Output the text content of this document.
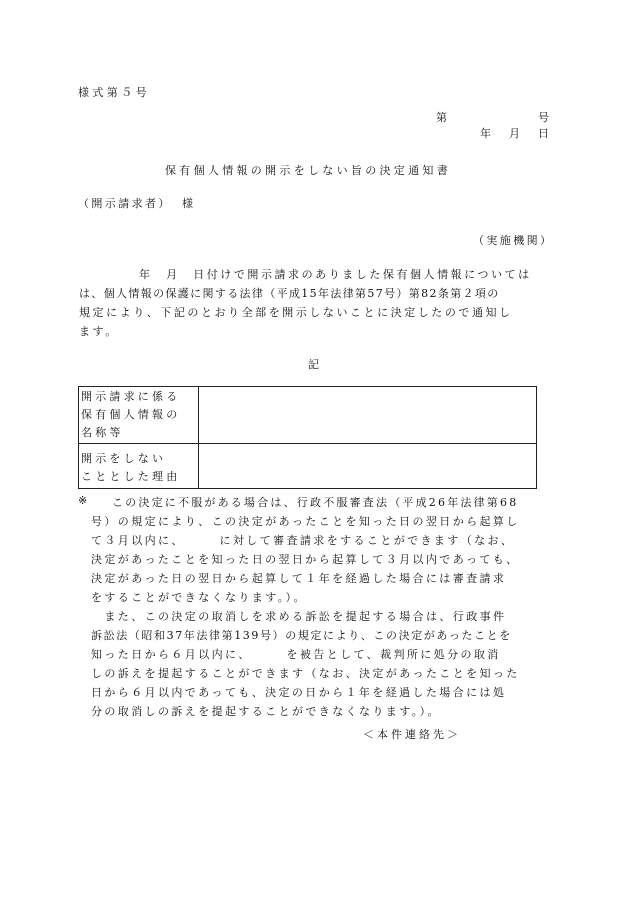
様式第５号
第	号
年 月 日
保有個人情報の開示をしない旨の決定通知書
（開示請求者） 様
（実施機関）
年　月　日付けで開示請求のありました保有個人情報については
は、個人情報の保護に関する法律（平成15年法律第57号）第82条第２項の
規定により、下記のとおり全部を開示しないことに決定したので通知し
ます。
記
開示請求に係る
保有個人情報の
名称等	

開示をしない
こととした理由	

※ この決定に不服がある場合は、行政不服審査法（平成26年法律第68
号）の規定により、この決定があったことを知った日の翌日から起算し
て３月以内に、　　　に対して審査請求をすることができます（なお、
決定があったことを知った日の翌日から起算して３月以内であっても、
決定があった日の翌日から起算して１年を経過した場合には審査請求
をすることができなくなります。）。
　また、この決定の取消しを求める訴訟を提起する場合は、行政事件
訴訟法（昭和37年法律第139号）の規定により、この決定があったことを
知った日から６月以内に、　　　を被告として、裁判所に処分の取消
しの訴えを提起することができます（なお、決定があったことを知った
日から６月以内であっても、決定の日から１年を経過した場合には処
分の取消しの訴えを提起することができなくなります。）。
＜本件連絡先＞
